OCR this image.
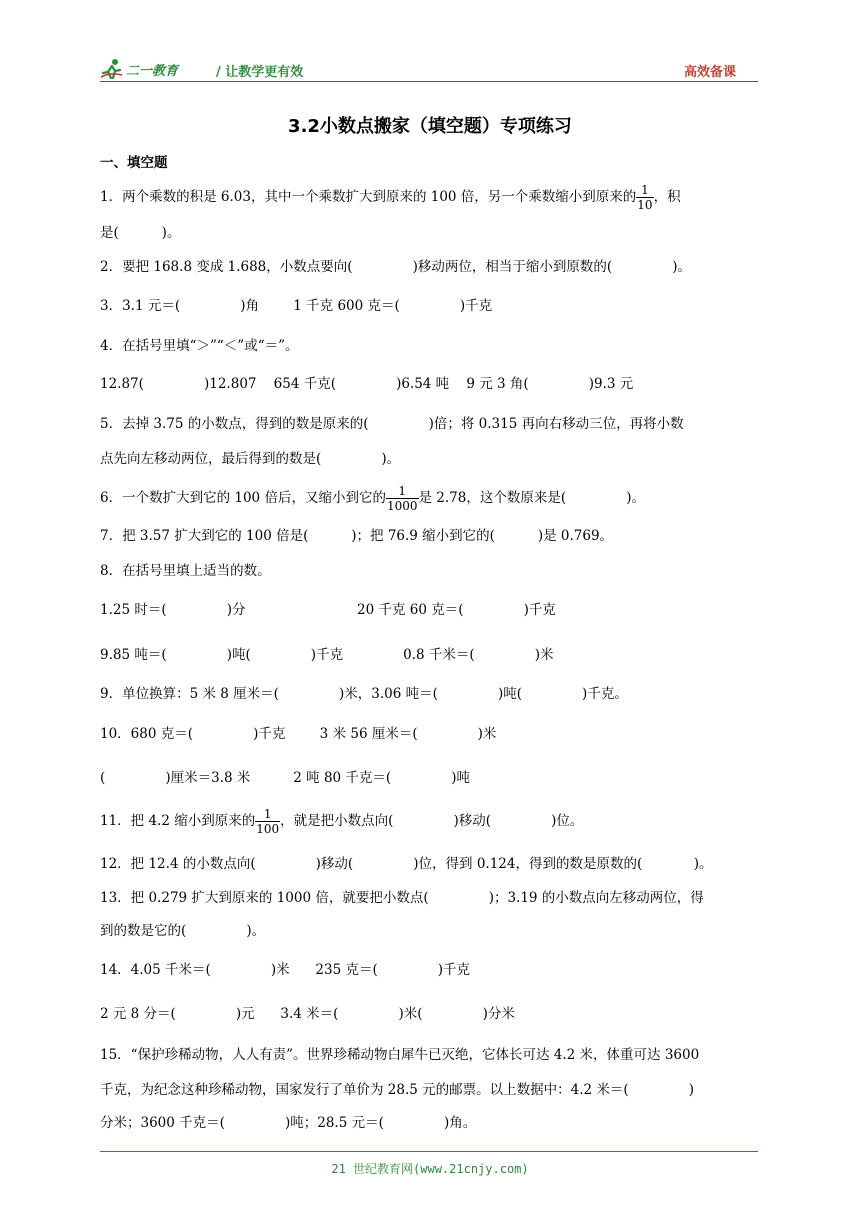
二一教育	/ 让教学更有效	高效备课
3.2小数点搬家（填空题）专项练习
一、填空题
1．两个乘数的积是 6.03，其中一个乘数扩大到原来的 100 倍，另一个乘数缩小到原来的 $\frac{1}{10}$ ，积
是(          )。
2．要把 168.8 变成 1.688，小数点要向(              )移动两位，相当于缩小到原数的(              )。
3．3.1 元＝(              )角        1 千克 600 克＝(              )千克
4．在括号里填“＞”“＜”或“＝”。
12.87(              )12.807    654 千克(              )6.54 吨    9 元 3 角(              )9.3 元
5．去掉 3.75 的小数点，得到的数是原来的(              )倍；将 0.315 再向右移动三位，再将小数
点先向左移动两位，最后得到的数是(              )。
6．一个数扩大到它的 100 倍后，又缩小到它的 $\frac{1}{1000}$ 是 2.78，这个数原来是(              )。
7．把 3.57 扩大到它的 100 倍是(          )；把 76.9 缩小到它的(          )是 0.769。
8．在括号里填上适当的数。
1.25 时＝(              )分                          20 千克 60 克＝(              )千克
9.85 吨＝(              )吨(              )千克              0.8 千米＝(              )米
9．单位换算：5 米 8 厘米＝(              )米，3.06 吨＝(              )吨(              )千克。
10．680 克＝(              )千克        3 米 56 厘米＝(              )米
(              )厘米＝3.8 米          2 吨 80 千克＝(              )吨
11．把 4.2 缩小到原来的 $\frac{1}{100}$ ，就是把小数点向(              )移动(              )位。
12．把 12.4 的小数点向(              )移动(              )位，得到 0.124，得到的数是原数的(            )。
13．把 0.279 扩大到原来的 1000 倍，就要把小数点(              )；3.19 的小数点向左移动两位，得
到的数是它的(              )。
14．4.05 千米＝(              )米      235 克＝(              )千克
2 元 8 分＝(              )元      3.4 米＝(              )米(              )分米
15．“保护珍稀动物，人人有责”。世界珍稀动物白犀牛已灭绝，它体长可达 4.2 米，体重可达 3600
千克，为纪念这种珍稀动物，国家发行了单价为 28.5 元的邮票。以上数据中：4.2 米＝(              )
分米；3600 千克＝(              )吨；28.5 元＝(              )角。
21 世纪教育网(www.21cnjy.com)
